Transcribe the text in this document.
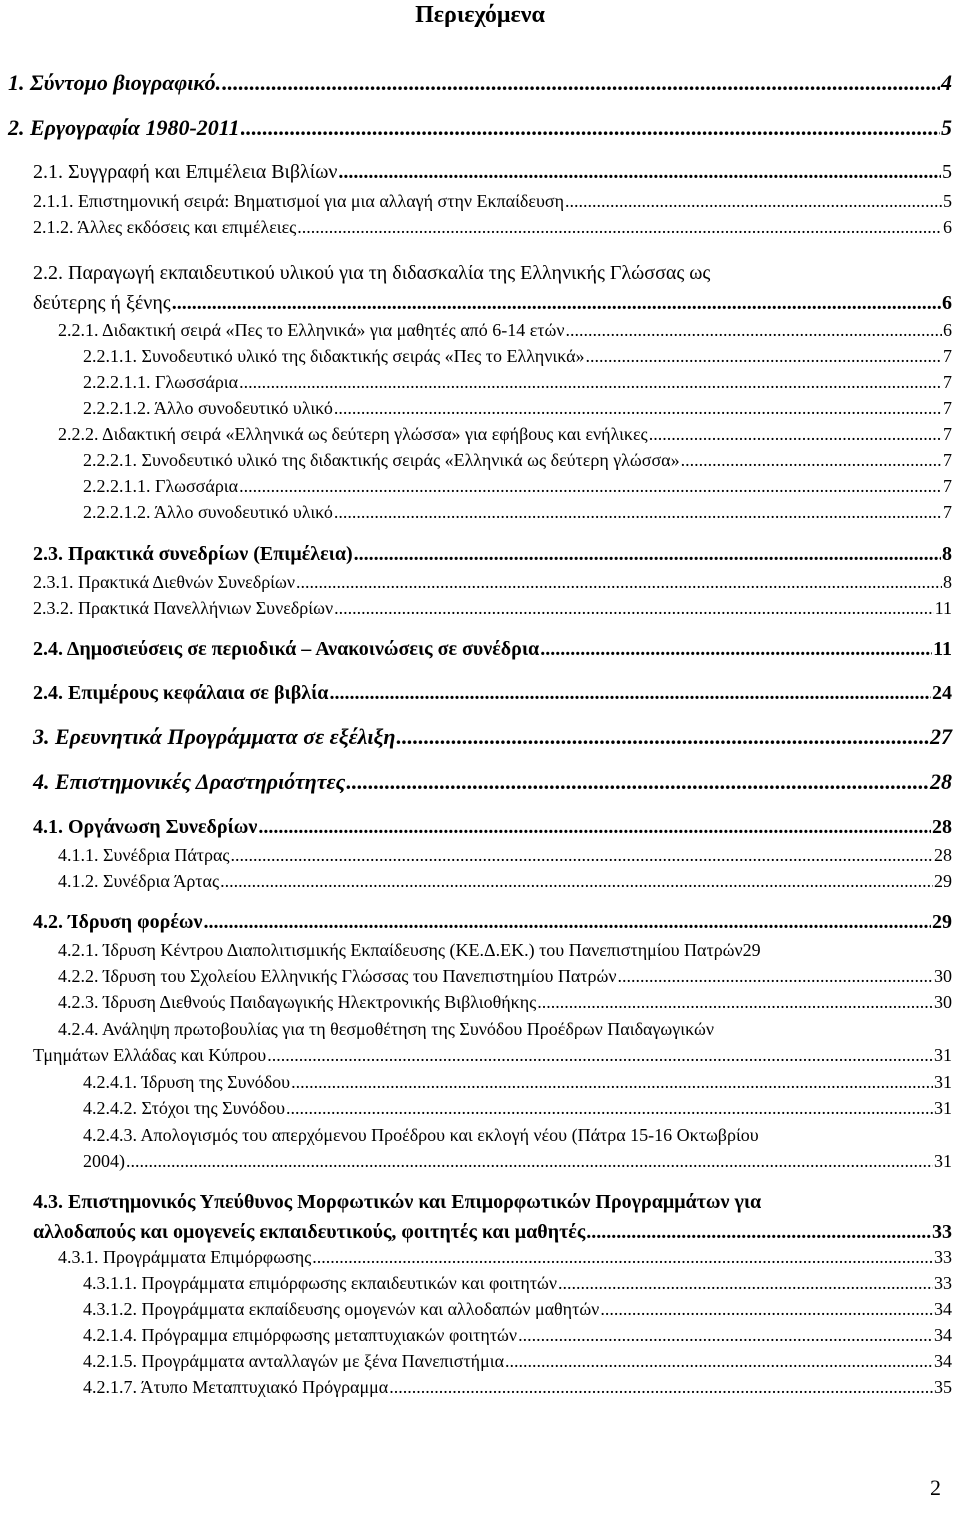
Περιεχόμενα
1. Σύντομο βιογραφικό. .....	4
2. Εργογραφία 1980-2011 .....	5
2.1. Συγγραφή και Επιμέλεια Βιβλίων .....	5
2.1.1. Επιστημονική σειρά: Βηματισμοί για μια αλλαγή στην Εκπαίδευση .....	5
2.1.2. Άλλες εκδόσεις και επιμέλειες .....	6
2.2. Παραγωγή εκπαιδευτικού υλικού για τη διδασκαλία της Ελληνικής Γλώσσας ως
δεύτερης ή ξένης .....	6
2.2.1. Διδακτική σειρά «Πες το Ελληνικά» για μαθητές από 6-14 ετών .....	6
2.2.1.1. Συνοδευτικό υλικό της διδακτικής σειράς «Πες το Ελληνικά» .....	7
2.2.2.1.1. Γλωσσάρια .....	7
2.2.2.1.2. Άλλο συνοδευτικό υλικό .....	7
2.2.2. Διδακτική σειρά «Ελληνικά ως δεύτερη γλώσσα» για εφήβους και ενήλικες .....	7
2.2.2.1. Συνοδευτικό υλικό της διδακτικής σειράς «Ελληνικά ως δεύτερη γλώσσα» .....	7
2.2.2.1.1. Γλωσσάρια .....	7
2.2.2.1.2. Άλλο συνοδευτικό υλικό .....	7
2.3. Πρακτικά συνεδρίων (Επιμέλεια) .....	8
2.3.1. Πρακτικά Διεθνών Συνεδρίων .....	8
2.3.2. Πρακτικά Πανελλήνιων Συνεδρίων .....	11
2.4. Δημοσιεύσεις σε περιοδικά – Ανακοινώσεις σε συνέδρια .....	11
2.4. Επιμέρους κεφάλαια σε βιβλία .....	24
3. Ερευνητικά Προγράμματα σε εξέλιξη .....	27
4. Επιστημονικές Δραστηριότητες .....	28
4.1. Οργάνωση Συνεδρίων .....	28
4.1.1. Συνέδρια Πάτρας .....	28
4.1.2. Συνέδρια Άρτας .....	29
4.2. Ίδρυση φορέων .....	29
4.2.1. Ίδρυση Κέντρου Διαπολιτισμικής Εκπαίδευσης (ΚΕ.Δ.ΕΚ.) του Πανεπιστημίου Πατρών 29
4.2.2. Ίδρυση του Σχολείου Ελληνικής Γλώσσας του Πανεπιστημίου Πατρών .....	30
4.2.3. Ίδρυση Διεθνούς Παιδαγωγικής Ηλεκτρονικής Βιβλιοθήκης .....	30
4.2.4. Ανάληψη πρωτοβουλίας για τη θεσμοθέτηση της Συνόδου Προέδρων Παιδαγωγικών
Τμημάτων Ελλάδας και Κύπρου .....	31
4.2.4.1. Ίδρυση της Συνόδου .....	31
4.2.4.2. Στόχοι της Συνόδου .....	31
4.2.4.3. Απολογισμός του απερχόμενου Προέδρου και εκλογή νέου (Πάτρα 15-16 Οκτωβρίου
2004) .....	31
4.3. Επιστημονικός Υπεύθυνος Μορφωτικών και Επιμορφωτικών Προγραμμάτων για
αλλοδαπούς και ομογενείς εκπαιδευτικούς, φοιτητές και μαθητές .....	33
4.3.1. Προγράμματα Επιμόρφωσης .....	33
4.3.1.1. Προγράμματα επιμόρφωσης εκπαιδευτικών και φοιτητών .....	33
4.3.1.2. Προγράμματα εκπαίδευσης ομογενών και αλλοδαπών μαθητών .....	34
4.2.1.4. Πρόγραμμα επιμόρφωσης μεταπτυχιακών φοιτητών .....	34
4.2.1.5. Προγράμματα ανταλλαγών με ξένα Πανεπιστήμια .....	34
4.2.1.7. Άτυπο Μεταπτυχιακό Πρόγραμμα .....	35
2
